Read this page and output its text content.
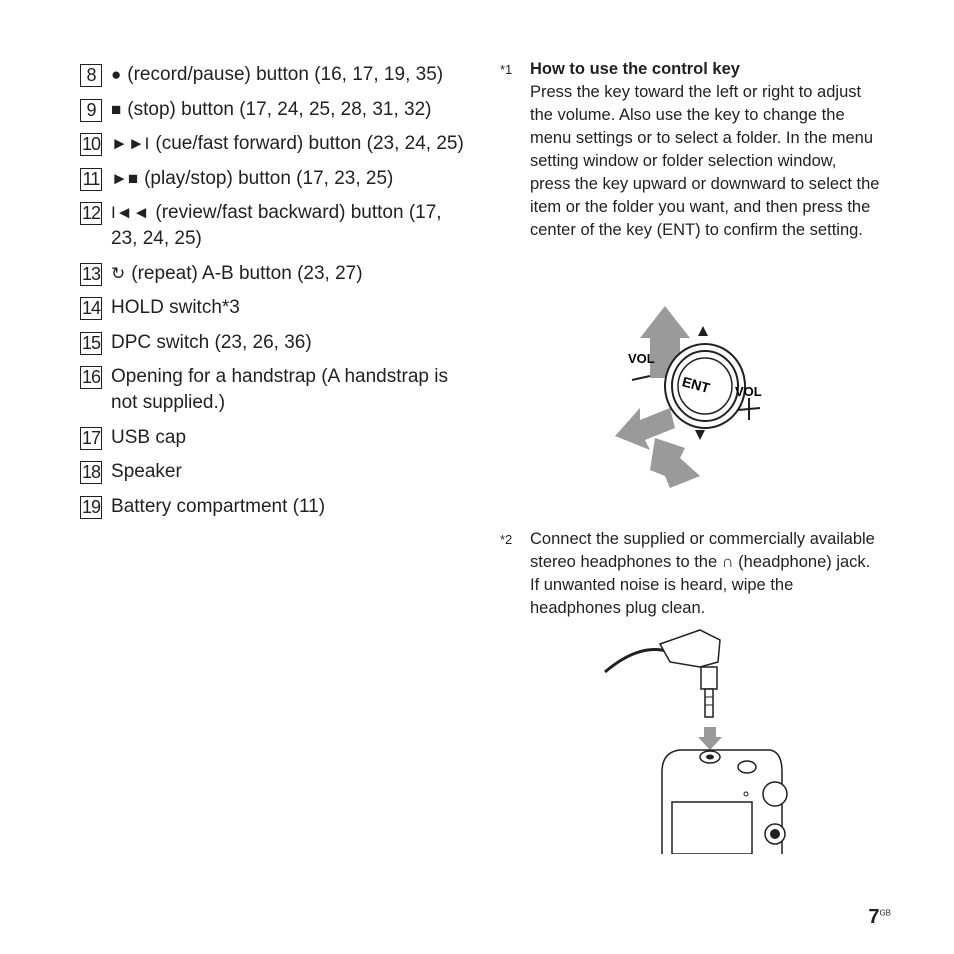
8 ● (record/pause) button (16, 17, 19, 35)
9 ■ (stop) button (17, 24, 25, 28, 31, 32)
10 ►►I (cue/fast forward) button (23, 24, 25)
11 ►■ (play/stop) button (17, 23, 25)
12 I◄◄ (review/fast backward) button (17, 23, 24, 25)
13 ↻ (repeat) A-B button (23, 27)
14 HOLD switch*3
15 DPC switch (23, 26, 36)
16 Opening for a handstrap (A handstrap is not supplied.)
17 USB cap
18 Speaker
19 Battery compartment (11)
*1	How to use the control key
Press the key toward the left or right to adjust the volume. Also use the key to change the menu settings or to select a folder. In the menu setting window or folder selection window, press the key upward or downward to select the item or the folder you want, and then press the center of the key (ENT) to confirm the setting.
ENT
VOL
VOL
*2	Connect the supplied or commercially available stereo headphones to the ∩ (headphone) jack. If unwanted noise is heard, wipe the headphones plug clean.
$7^{GB}$
